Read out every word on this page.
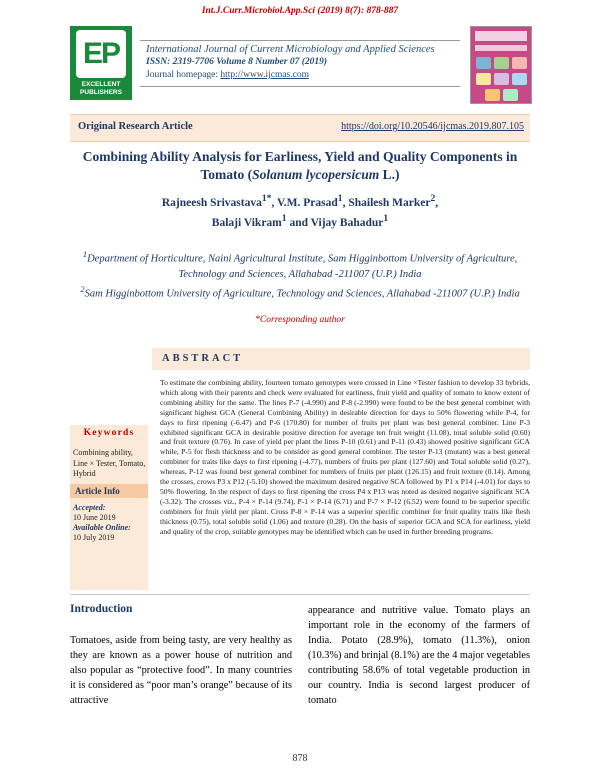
Int.J.Curr.Microbiol.App.Sci (2019) 8(7): 878-887
EP
EXCELLENT
PUBLISHERS
International Journal of Current Microbiology and Applied Sciences
ISSN: 2319-7706 Volume 8 Number 07 (2019)
Journal homepage: http://www.ijcmas.com
Original Research Article	https://doi.org/10.20546/ijcmas.2019.807.105
Combining Ability Analysis for Earliness, Yield and Quality Components in Tomato (Solanum lycopersicum L.)
Rajneesh Srivastava$^{1*}$, V.M. Prasad$^1$, Shailesh Marker$^2$,
Balaji Vikram$^1$ and Vijay Bahadur$^1$
$^1$Department of Horticulture, Naini Agricultural Institute, Sam Higginbottom University of Agriculture, Technology and Sciences, Allahabad -211007 (U.P.) India
$^2$Sam Higginbottom University of Agriculture, Technology and Sciences, Allahabad -211007 (U.P.) India
*Corresponding author
ABSTRACT
To estimate the combining ability, fourteen tomato genotypes were crossed in Line ×Tester fashion to develop 33 hybrids, which along with their parents and check were evaluated for earliness, fruit yield and quality of tomato to know extent of combining ability for the same. The lines P-7 (-4.990) and P-8 (-2.990) were found to be the best general combiner with significant highest GCA (General Combining Ability) in desirable direction for days to 50% flowering while P-4, for days to first ripening (-6.47) and P-6 (170.80) for number of fruits per plant was best general combiner. Line P-3 exhibited significant GCA in desirable positive direction for average ten fruit weight (11.08), total soluble solid (0.60) and fruit texture (0.76). In case of yield per plant the lines P-10 (0.61) and P-11 (0.43) showed positive significant GCA while, P-5 for flesh thickness and to be consider as good general combiner. The tester P-13 (mutant) was a best general combiner for traits like days to first ripening (-4.77), numbers of fruits per plant (127.60) and Total soluble solid (0.27), whereas, P-12 was found best general combiner for numbers of fruits per plant (126.15) and fruit texture (0.14). Among the crosses, crows P3 x P12 (-5.10) showed the maximum desired negative SCA followed by P1 x P14 (-4.01) for days to 50% flowering. In the respect of days to first ripening the cross P4 x P13 was noted as desired negative significant SCA (-3.32). The crosses viz., P-4 × P-14 (9.74), P-1 × P-14 (6.71) and P-7 × P-12 (6.52) were found to be superior specific combiners for fruit yield per plant. Cross P-8 × P-14 was a superior specific combiner for fruit quality traits like flesh thickness (0.75), total soluble solid (1.06) and texture (0.28). On the basis of superior GCA and SCA for earliness, yield and quality of the crop, suitable genotypes may be identified which can be used in further breeding programs.
Keywords
Combining ability, Line × Tester, Tomato, Hybrid
Article Info
Accepted:
10 June 2019
Available Online:
10 July 2019
Introduction
Tomatoes, aside from being tasty, are very healthy as they are known as a power house of nutrition and also popular as “protective food”. In many countries it is considered as “poor man’s orange” because of its attractive
appearance and nutritive value. Tomato plays an important role in the economy of the farmers of India. Potato (28.9%), tomato (11.3%), onion (10.3%) and brinjal (8.1%) are the 4 major vegetables contributing 58.6% of total vegetable production in our country. India is second largest producer of tomato
878
